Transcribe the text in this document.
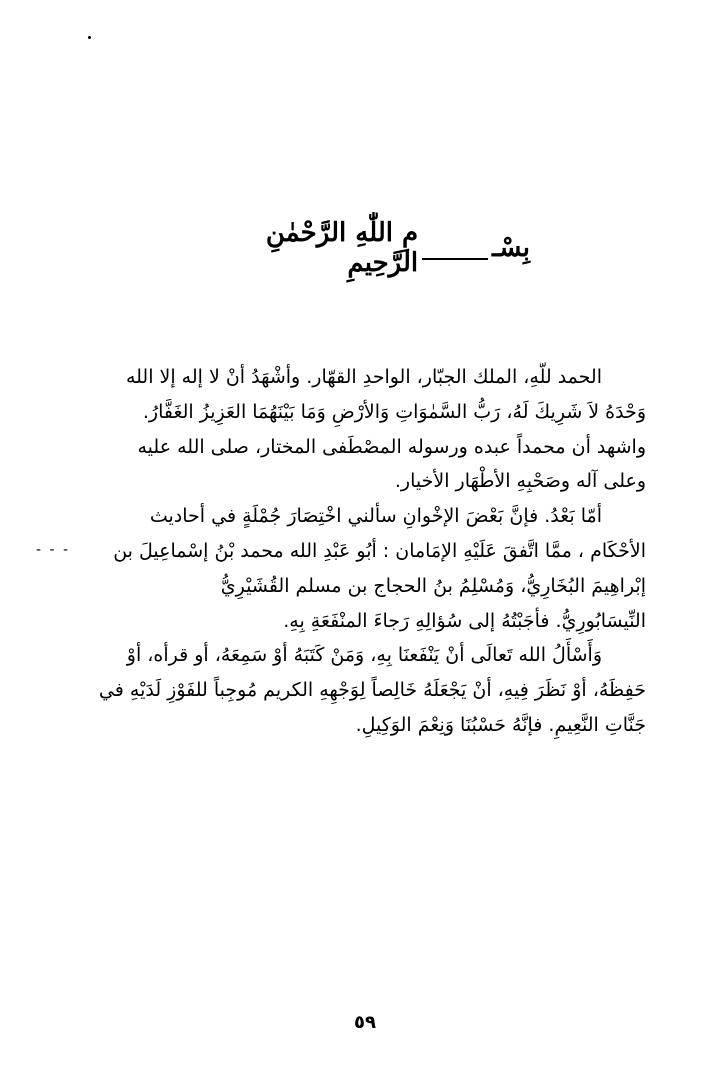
بِسْـ
مِ اللّٰهِ الرَّحْمٰنِ الرَّحِيمِ
الحمد للّهِ، الملك الجبّار، الواحدِ القهّار. وأشْهَدُ أنْ لا إله إلا الله
وَحْدَهُ لاَ شَرِيكَ لَهُ، رَبُّ السَّمٰوَاتِ وَالأرْضِ وَمَا بَيْنَهُمَا العَزِيزُ الغَفَّارُ.
واشهد أن محمداً عبده ورسوله المصْطَفى المختار، صلى الله عليه
وعلى آله وصَحْبِهِ الأطْهَار الأخيار.
أمّا بَعْدُ. فإنَّ بَعْضَ الإخْوانِ سألني اخْتِصَارَ جُمْلَةٍ في أحاديث
الأحْكَام ، ممَّا اتَّفقَ عَلَيْهِ الإمَامان : أبُو عَبْدِ الله محمد بْنُ إسْماعِيلَ بن
إبْراهِيمَ البُخَارِيُّ، وَمُسْلِمُ بنُ الحجاج بن مسلم القُشَيْرِيُّ
النِّيسَابُورِيُّ. فأجَبْتُهُ إلى سُؤالِهِ رَجاءَ المنْفَعَةِ بِهِ.
وَأَسْأَلُ الله تَعالَى أنْ يَنْفَعنَا بِهِ، وَمَنْ كَتَبَهُ أوْ سَمِعَهُ، أو قرأه، أوْ
حَفِظَهُ، أوْ نَظَرَ فِيهِ، أنْ يَجْعَلَهُ خَالِصاً لِوَجْهِهِ الكريم مُوجِباً للفَوْزِ لَدَيْهِ في
جَنَّاتِ النَّعِيمِ. فإنَّهُ حَسْبُنَا وَنِعْمَ الوَكِيلِ.
- - -
٥٩
